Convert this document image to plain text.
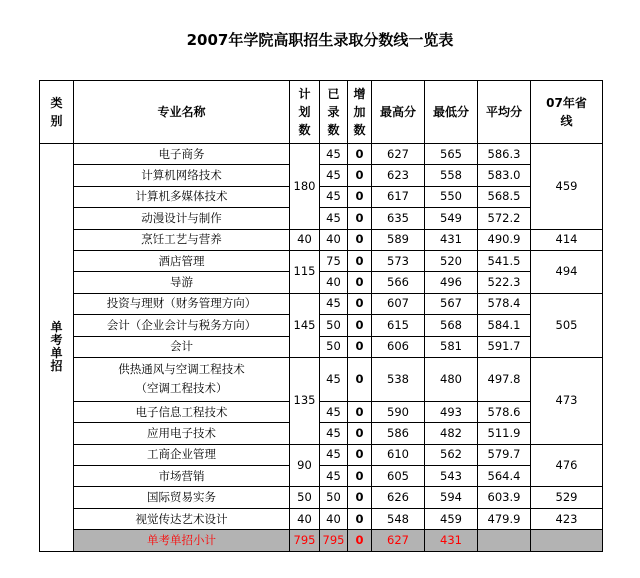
2007年学院高职招生录取分数线一览表
类
别	专业名称	计
划
数	已
录
数	增
加
数	最高分	最低分	平均分	07年省
线
单
考
单
招	电子商务	180	45	0	627	565	586.3	459
	计算机网络技术		45	0	623	558	583.0	
	计算机多媒体技术		45	0	617	550	568.5	
	动漫设计与制作		45	0	635	549	572.2	
	烹饪工艺与营养	40	40	0	589	431	490.9	414
	酒店管理	115	75	0	573	520	541.5	494
	导游		40	0	566	496	522.3	
	投资与理财（财务管理方向）	145	45	0	607	567	578.4	505
	会计（企业会计与税务方向）		50	0	615	568	584.1	
	会计		50	0	606	581	591.7	
	供热通风与空调工程技术
（空调工程技术）	135	45	0	538	480	497.8	473
	电子信息工程技术		45	0	590	493	578.6	
	应用电子技术		45	0	586	482	511.9	
	工商企业管理	90	45	0	610	562	579.7	476
	市场营销		45	0	605	543	564.4	
	国际贸易实务	50	50	0	626	594	603.9	529
	视觉传达艺术设计	40	40	0	548	459	479.9	423
	单考单招小计	795	795	0	627	431		
